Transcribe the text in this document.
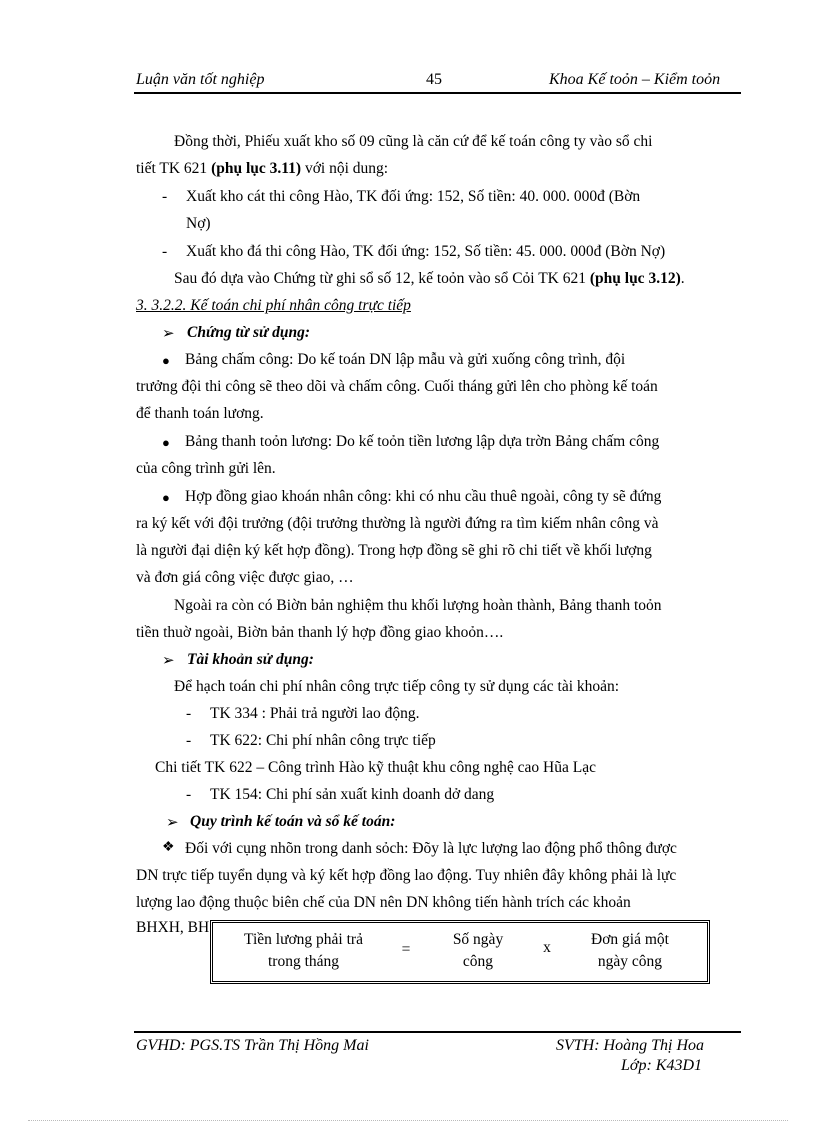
Luận văn tốt nghiệp	45	Khoa Kế toỏn – Kiểm toỏn
Đồng thời, Phiếu xuất kho số 09 cũng là căn cứ để kế toán công ty vào sổ chi
tiết TK 621 (phụ lục 3.11) với nội dung:
- Xuất kho cát thi công Hào, TK đối ứng: 152, Số tiền: 40. 000. 000đ (Bờn
Nợ)
- Xuất kho đá thi công Hào, TK đối ứng: 152, Số tiền: 45. 000. 000đ (Bờn Nợ)
Sau đó dựa vào Chứng từ ghi sổ số 12, kế toỏn vào sổ Cỏi TK 621 (phụ lục 3.12).
3. 3.2.2. Kế toán chi phí nhân công trực tiếp
➢ Chứng từ sử dụng:
● Bảng chấm công: Do kế toán DN lập mẫu và gửi xuống công trình, đội
trưởng đội thi công sẽ theo dõi và chấm công. Cuối tháng gửi lên cho phòng kế toán
để thanh toán lương.
● Bảng thanh toỏn lương: Do kế toỏn tiền lương lập dựa trờn Bảng chấm công
của công trình gửi lên.
● Hợp đồng giao khoán nhân công: khi có nhu cầu thuê ngoài, công ty sẽ đứng
ra ký kết với đội trưởng (đội trưởng thường là người đứng ra tìm kiếm nhân công và
là người đại diện ký kết hợp đồng). Trong hợp đồng sẽ ghi rõ chi tiết về khối lượng
và đơn giá công việc được giao, …
Ngoài ra còn có Biờn bản nghiệm thu khối lượng hoàn thành, Bảng thanh toỏn
tiền thuờ ngoài, Biờn bản thanh lý hợp đồng giao khoỏn….
➢ Tài khoản sử dụng:
Để hạch toán chi phí nhân công trực tiếp công ty sử dụng các tài khoản:
- TK 334 : Phải trả người lao động.
- TK 622: Chi phí nhân công trực tiếp
Chi tiết TK 622 – Công trình Hào kỹ thuật khu công nghệ cao Hũa Lạc
- TK 154: Chi phí sản xuất kinh doanh dở dang
➢ Quy trình kế toán và sổ kế toán:
❖ Đối với cụng nhõn trong danh sỏch: Đõy là lực lượng lao động phổ thông được
DN trực tiếp tuyển dụng và ký kết hợp đồng lao động. Tuy nhiên đây không phải là lực
lượng lao động thuộc biên chế của DN nên DN không tiến hành trích các khoản
BHXH, BH
Tiền lương phải trả
trong tháng
=
Số ngày
công
x	Đơn giá một
ngày công
GVHD: PGS.TS Trần Thị Hồng Mai	SVTH: Hoàng Thị Hoa
Lớp: K43D1
